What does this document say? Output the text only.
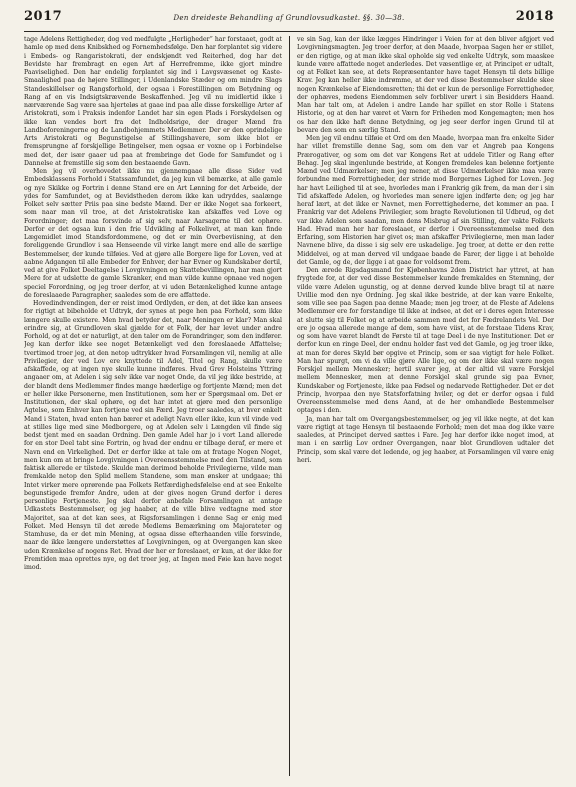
2017	Den dreideste Behandling af Grundlovsudkastet. §§. 30—38.	2018

tage Adelens Rettigheder, dog ved medfulgte „Herligheder“ har forstaaet, godt at hamle op med dens Knibskhed og Fornemhedsfølge. Den har forplantet sig videre i Embeds- og Rangaristokrati, der endskjøndt ved Reiterhed, dog har det Bevidste har frembragt en egen Art af Herrefremme, ikke gjort mindre Paaviselighed. Den har endelig forplantet sig ind i Lavgsvæsenet og Kaste-Smaalighed paa de højere Stillinger, i Udenlandske Stæder og om mindre Slags Standeskillelser og Rangsforhold, der ogsaa i Forestillingen om Betydning og Rang af en vis Indsigtskrævende Beskaffenhed. Jeg vil nu imidlertid ikke i nærværende Sag være saa hjerteløs at gaae ind paa alle disse forskellige Arter af Aristokrati, som i Praksis indenfor Landet har sin egen Plads i Forskydelsen og ikke kan vendes bort fra det Indholdsrige, der drager Mænd fra Landboforeningerne og de Landbohjemmets Medlemmer. Der er den oprindelige Arts Aristokrati og Begunstigelse af Stillingshavere, som ikke blot er fremsprungne af forskjellige Betingelser, men ogsaa er voxne op i Forbindelse med det, der især gaaer ud paa at frembringe det Gode for Samfundet og i Dannelse at fremstille sig som den bestaaende Gavn.

Men jeg vil overhovedet ikke nu gjennemgaae alle disse Sider ved Embedsklassens Forhold i Statssamfundet, da jeg kun vil bemærke, at alle gamle og nye Skikke og Fortrin i denne Stand ere en Art Lønning for det Arbeide, der ydes for Samfundet, og at Bevidstheden derom ikke kan udryddes, saalænge Folket selv sætter Priis paa sine bedste Mænd. Der er ikke Noget saa forkeert, som naar man vil troe, at det Aristokratiske kan afskaffes ved Love og Forordninger; det maa forsvinde af sig selv, naar Aarsagerne til det ophøre. Derfor er det ogsaa kun i den frie Udvikling af Folkelivet, at man kan finde Lægemidlet imod Standsfordommene, og det er min Overbeviisning, at den foreliggende Grundlov i saa Henseende vil virke langt mere end alle de særlige Bestemmelser, der kunde tilføies. Ved at gjøre alle Borgere lige for Loven, ved at aabne Adgangen til alle Embeder for Enhver, der har Evner og Kundskaber dertil, ved at give Folket Deeltagelse i Lovgivningen og Skattebevillingen, har man gjort Mere for at udslette de gamle Skranker, end man vilde kunne opnaae ved nogen speciel Forordning, og jeg troer derfor, at vi uden Betænkelighed kunne antage de foreslaaede Paragrapher, saaledes som de ere affattede.

Hovedindvendingen, der er reist imod Ordlyden, er den, at det ikke kan ansees for rigtigt at bibeholde et Udtryk, der synes at pege hen paa Forhold, som ikke længere skulle existere. Men hvad betyder det, naar Meningen er klar? Man skal erindre sig, at Grundloven skal gjælde for et Folk, der har levet under andre Forhold, og at det er naturligt, at den taler om de Forandringer, som den indfører. Jeg kan derfor ikke see noget Betænkeligt ved den foreslaaede Affattelse; tvertimod troer jeg, at den netop udtrykker hvad Forsamlingen vil, nemlig at alle Privilegier, der ved Lov ere knyttede til Adel, Titel og Rang, skulle være afskaffede, og at ingen nye skulle kunne indføres. Hvad Grev Holsteins Yttring angaaer om, at Adelen i sig selv ikke var noget Onde, da vil jeg ikke bestride, at der blandt dens Medlemmer findes mange hæderlige og fortjente Mænd; men det er heller ikke Personerne, men Institutionen, som her er Spørgsmaal om. Det er Institutionen, der skal ophøre, og det har intet at gjøre med den personlige Agtelse, som Enhver kan fortjene ved sin Færd. Jeg troer saaledes, at hver enkelt Mand i Staten, hvad enten han bærer et adeligt Navn eller ikke, kun vil vinde ved at stilles lige med sine Medborgere, og at Adelen selv i Længden vil finde sig bedst tjent med en saadan Ordning. Den gamle Adel har jo i vort Land allerede for en stor Deel tabt sine Fortrin, og hvad der endnu er tilbage deraf, er mere et Navn end en Virkelighed. Det er derfor ikke at tale om at fratage Nogen Noget, men kun om at bringe Lovgivningen i Overeensstemmelse med den Tilstand, som faktisk allerede er tilstede. Skulde man derimod beholde Privilegierne, vilde man fremkalde netop den Splid mellem Standene, som man ønsker at undgaae; thi Intet virker mere oprørende paa Folkets Retfærdighedsfølelse end at see Enkelte begunstigede fremfor Andre, uden at der gives nogen Grund derfor i deres personlige Fortjeneste. Jeg skal derfor anbefale Forsamlingen at antage Udkastets Bestemmelser, og jeg haaber, at de ville blive vedtagne med stor Majoritet, saa at det kan sees, at Rigsforsamlingen i denne Sag er enig med Folket. Med Hensyn til det ærede Medlems Bemærkning om Majorateter og Stamhuse, da er det min Mening, at ogsaa disse efterhaanden ville forsvinde, naar de ikke længere understøttes af Lovgivningen, og at Overgangen kan skee uden Krænkelse af nogens Ret. Hvad der her er foreslaaet, er kun, at der ikke for Fremtiden maa oprettes nye, og det troer jeg, at Ingen med Føie kan have noget imod.

ve sin Sag, kan der ikke lægges Hindringer i Veien for at den bliver afgjort ved Lovgivningsmagten. Jeg troer derfor, at den Maade, hvorpaa Sagen her er stillet, er den rigtige, og at man ikke skal opholde sig ved enkelte Udtryk, som maaskee kunde være affattede noget anderledes. Det væsentlige er, at Principet er udtalt, og at Folket kan see, at dets Repræsentanter have taget Hensyn til dets billige Krav. Jeg kan heller ikke indrømme, at der ved disse Bestemmelser skulde skee nogen Krænkelse af Eiendomsretten; thi det er kun de personlige Forrettigheder, der ophæves, medens Eiendommen selv forbliver urørt i sin Besidders Haand. Man har talt om, at Adelen i andre Lande har spillet en stor Rolle i Statens Historie, og at den har været et Værn for Friheden mod Kongemagten; men hos os har den ikke haft denne Betydning, og jeg seer derfor ingen Grund til at bevare den som en særlig Stand.

Men jeg vil endnu tilføie et Ord om den Maade, hvorpaa man fra enkelte Sider har villet fremstille denne Sag, som om den var et Angreb paa Kongens Prærogativer, og som om det var Kongens Ret at uddele Titler og Rang efter Behag. Jeg skal ingenlunde bestride, at Kongen fremdeles kan belønne fortjente Mænd ved Udmærkelser; men jeg mener, at disse Udmærkelser ikke maa være forbundne med Forrettigheder, der stride mod Borgernes Lighed for Loven. Jeg har havt Leilighed til at see, hvorledes man i Frankrig gik frem, da man der i sin Tid afskaffede Adelen, og hvorledes man senere igjen indførte den; og jeg har heraf lært, at det ikke er Navnet, men Forrettighederne, det kommer an paa. I Frankrig var det Adelens Privilegier, som bragte Revolutionen til Udbrud, og det var ikke Adelen som saadan, men dens Misbrug af sin Stilling, der vakte Folkets Had. Hvad man her har foreslaaet, er derfor i Overeensstemmelse med den Erfaring, som Historien har givet os; man afskaffer Privilegierne, men man lader Navnene blive, da disse i sig selv ere uskadelige. Jeg troer, at dette er den rette Middelvei, og at man derved vil undgaae baade de Farer, der ligge i at beholde det Gamle, og de, der ligge i at gaae for voldsomt frem.

Den ærede Rigsdagsmand for Kjøbenhavns 2den District har yttret, at han frygtede for, at der ved disse Bestemmelser kunde fremkaldes en Stemning, der vilde være Adelen ugunstig, og at denne derved kunde blive bragt til at nære Uvillie mod den nye Ordning. Jeg skal ikke bestride, at der kan være Enkelte, som ville see paa Sagen paa denne Maade; men jeg troer, at de Fleste af Adelens Medlemmer ere for forstandige til ikke at indsee, at det er i deres egen Interesse at slutte sig til Folket og at arbeide sammen med det for Fædrelandets Vel. Der ere jo ogsaa allerede mange af dem, som have viist, at de forstaae Tidens Krav, og som have været blandt de Første til at tage Deel i de nye Institutioner. Det er derfor kun en ringe Deel, der endnu holder fast ved det Gamle, og jeg troer ikke, at man for deres Skyld bør opgive et Princip, som er saa vigtigt for hele Folket. Man har spurgt, om vi da ville gjøre Alle lige, og om der ikke skal være nogen Forskjel mellem Mennesker; hertil svarer jeg, at der altid vil være Forskjel mellem Mennesker, men at denne Forskjel skal grunde sig paa Evner, Kundskaber og Fortjeneste, ikke paa Fødsel og nedarvede Rettigheder. Det er det Princip, hvorpaa den nye Statsforfatning hviler, og det er derfor ogsaa i fuld Overeensstemmelse med dens Aand, at de her omhandlede Bestemmelser optages i den.

Ja, man har talt om Overgangsbestemmelser, og jeg vil ikke negte, at det kan være rigtigt at tage Hensyn til bestaaende Forhold; men det maa dog ikke være saaledes, at Principet derved sættes i Fare. Jeg har derfor ikke noget imod, at man i en særlig Lov ordner Overgangen, naar blot Grundloven udtaler det Princip, som skal være det ledende, og jeg haaber, at Forsamlingen vil være enig heri.
